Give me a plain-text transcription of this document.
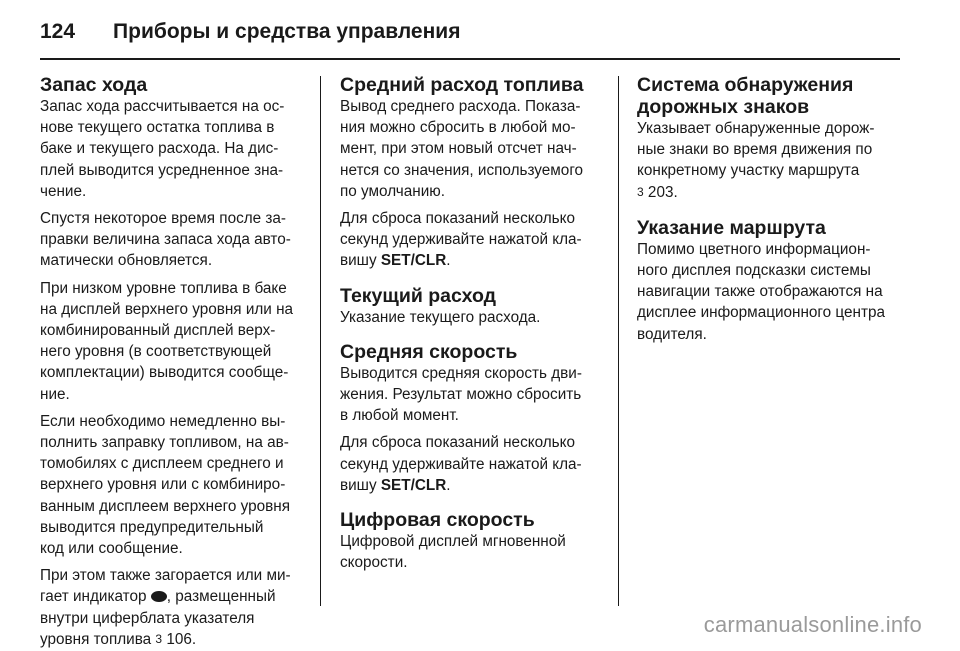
124 Приборы и средства управления
Запас хода
Запас хода рассчитывается на ос-
нове текущего остатка топлива в
баке и текущего расхода. На дис-
плей выводится усредненное зна-
чение.
Спустя некоторое время после за-
правки величина запаса хода авто-
матически обновляется.
При низком уровне топлива в баке
на дисплей верхнего уровня или на
комбинированный дисплей верх-
него уровня (в соответствующей
комплектации) выводится сообще-
ние.
Если необходимо немедленно вы-
полнить заправку топливом, на ав-
томобилях с дисплеем среднего и
верхнего уровня или с комбиниро-
ванным дисплеем верхнего уровня
выводится предупредительный
код или сообщение.
При этом также загорается или ми-
гает индикатор , размещенный
внутри циферблата указателя
уровня топлива 3 106.
Средний расход топлива
Вывод среднего расхода. Показа-
ния можно сбросить в любой мо-
мент, при этом новый отсчет нач-
нется со значения, используемого
по умолчанию.
Для сброса показаний несколько
секунд удерживайте нажатой кла-
вишу SET/CLR.
Текущий расход
Указание текущего расхода.
Средняя скорость
Выводится средняя скорость дви-
жения. Результат можно сбросить
в любой момент.
Для сброса показаний несколько
секунд удерживайте нажатой кла-
вишу SET/CLR.
Цифровая скорость
Цифровой дисплей мгновенной
скорости.
Система обнаружения
дорожных знаков
Указывает обнаруженные дорож-
ные знаки во время движения по
конкретному участку маршрута
3 203.
Указание маршрута
Помимо цветного информацион-
ного дисплея подсказки системы
навигации также отображаются на
дисплее информационного центра
водителя.
carmanualsonline.info
